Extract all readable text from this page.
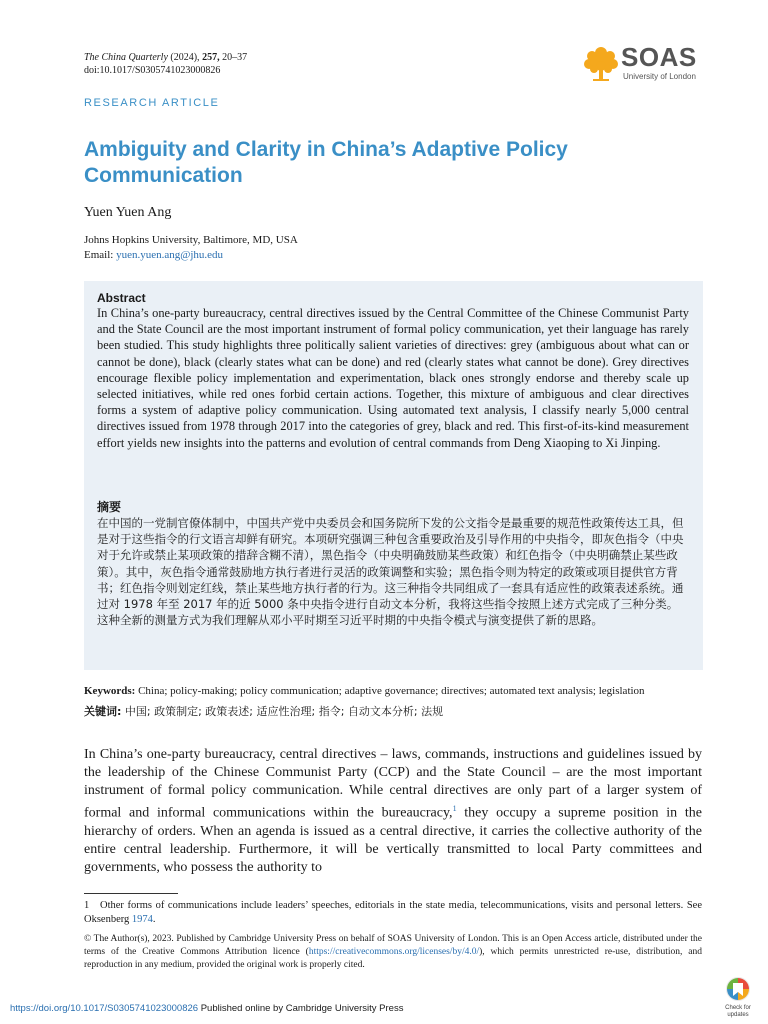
The China Quarterly (2024), 257, 20–37
doi:10.1017/S0305741023000826	SOAS
University of London
RESEARCH ARTICLE
Ambiguity and Clarity in China’s Adaptive Policy Communication
Yuen Yuen Ang
Johns Hopkins University, Baltimore, MD, USA
Email: yuen.yuen.ang@jhu.edu
Abstract

In China’s one-party bureaucracy, central directives issued by the Central Committee of the Chinese Communist Party and the State Council are the most important instrument of formal policy communication, yet their language has rarely been studied. This study highlights three politically salient varieties of directives: grey (ambiguous about what can or cannot be done), black (clearly states what can be done) and red (clearly states what cannot be done). Grey directives encourage flexible policy implementation and experimentation, black ones strongly endorse and thereby scale up selected initiatives, while red ones forbid certain actions. Together, this mixture of ambiguous and clear directives forms a system of adaptive policy communication. Using automated text analysis, I classify nearly 5,000 central directives issued from 1978 through 2017 into the categories of grey, black and red. This first-of-its-kind measurement effort yields new insights into the patterns and evolution of central commands from Deng Xiaoping to Xi Jinping.

摘要

在中国的一党制官僚体制中，中国共产党中央委员会和国务院所下发的公文指令是最重要的规范性政策传达工具，但是对于这些指令的行文语言却鲜有研究。本项研究强调三种包含重要政治及引导作用的中央指令，即灰色指令（中央对于允许或禁止某项政策的措辞含糊不清），黑色指令（中央明确鼓励某些政策）和红色指令（中央明确禁止某些政策）。其中，灰色指令通常鼓励地方执行者进行灵活的政策调整和实验；黑色指令则为特定的政策或项目提供官方背书；红色指令则划定红线，禁止某些地方执行者的行为。这三种指令共同组成了一套具有适应性的政策表述系统。通过对 1978 年至 2017 年的近 5000 条中央指令进行自动文本分析，我将这些指令按照上述方式完成了三种分类。这种全新的测量方式为我们理解从邓小平时期至习近平时期的中央指令模式与演变提供了新的思路。

Keywords: China; policy-making; policy communication; adaptive governance; directives; automated text analysis; legislation
关键词: 中国; 政策制定; 政策表述; 适应性治理; 指令; 自动文本分析; 法规

In China’s one-party bureaucracy, central directives – laws, commands, instructions and guidelines issued by the leadership of the Chinese Communist Party (CCP) and the State Council – are the most important instrument of formal policy communication. While central directives are only part of a larger system of formal and informal communications within the bureaucracy,$^1$ they occupy a supreme position in the hierarchy of orders. When an agenda is issued as a central directive, it carries the collective authority of the entire central leadership. Furthermore, it will be vertically transmitted to local Party committees and governments, who possess the authority to

1 Other forms of communications include leaders’ speeches, editorials in the state media, telecommunications, visits and personal letters. See Oksenberg 1974.

© The Author(s), 2023. Published by Cambridge University Press on behalf of SOAS University of London. This is an Open Access article, distributed under the terms of the Creative Commons Attribution licence (https://creativecommons.org/licenses/by/4.0/), which permits unrestricted re-use, distribution, and reproduction in any medium, provided the original work is properly cited.

https://doi.org/10.1017/S0305741023000826 Published online by Cambridge University Press	Check for
updates
